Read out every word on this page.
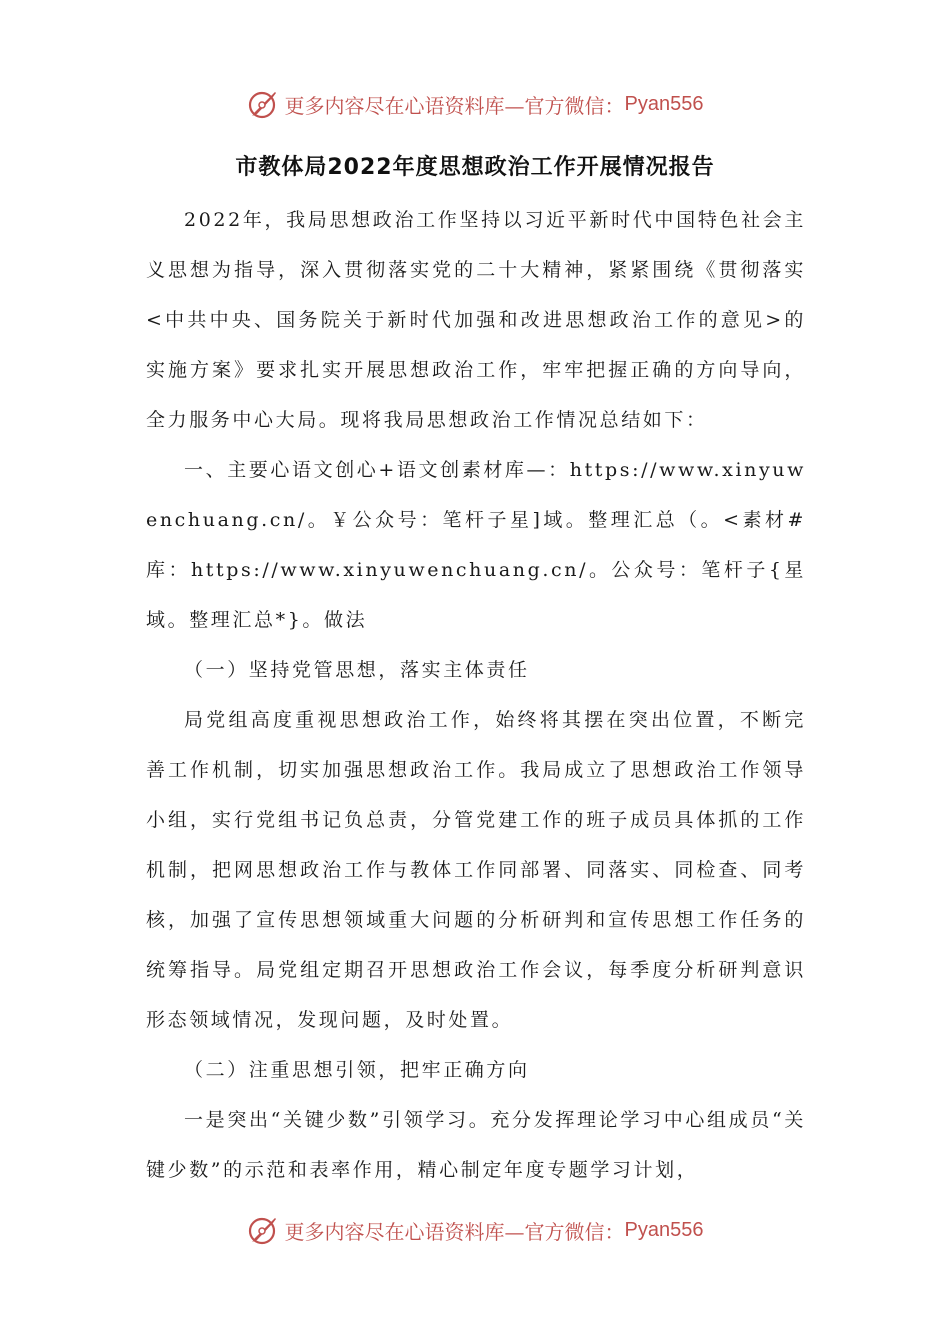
更多内容尽在心语资料库 —官方微信： Pyan556
市教体局2022年度思想政治工作开展情况报告

2022年，我局思想政治工作坚持以习近平新时代中国特色社会主义思想为指导，深入贯彻落实党的二十大精神，紧紧围绕《贯彻落实<中共中央、国务院关于新时代加强和改进思想政治工作的意见>的实施方案》要求扎实开展思想政治工作，牢牢把握正确的方向导向，全力服务中心大局。现将我局思想政治工作情况总结如下：

一、主要心语文创心+语文创素材库—：https://www.xinyuwenchuang.cn/。￥公众号：笔杆子星]域。整理汇总（。<素材#库：https://www.xinyuwenchuang.cn/。公众号：笔杆子{星域。整理汇总*}。做法

（一）坚持党管思想，落实主体责任

局党组高度重视思想政治工作，始终将其摆在突出位置，不断完善工作机制，切实加强思想政治工作。我局成立了思想政治工作领导小组，实行党组书记负总责，分管党建工作的班子成员具体抓的工作机制，把网思想政治工作与教体工作同部署、同落实、同检查、同考核，加强了宣传思想领域重大问题的分析研判和宣传思想工作任务的统筹指导。局党组定期召开思想政治工作会议，每季度分析研判意识形态领域情况，发现问题，及时处置。

（二）注重思想引领，把牢正确方向

一是突出“关键少数”引领学习。充分发挥理论学习中心组成员“关键少数”的示范和表率作用，精心制定年度专题学习计划，

更多内容尽在心语资料库 —官方微信： Pyan556
